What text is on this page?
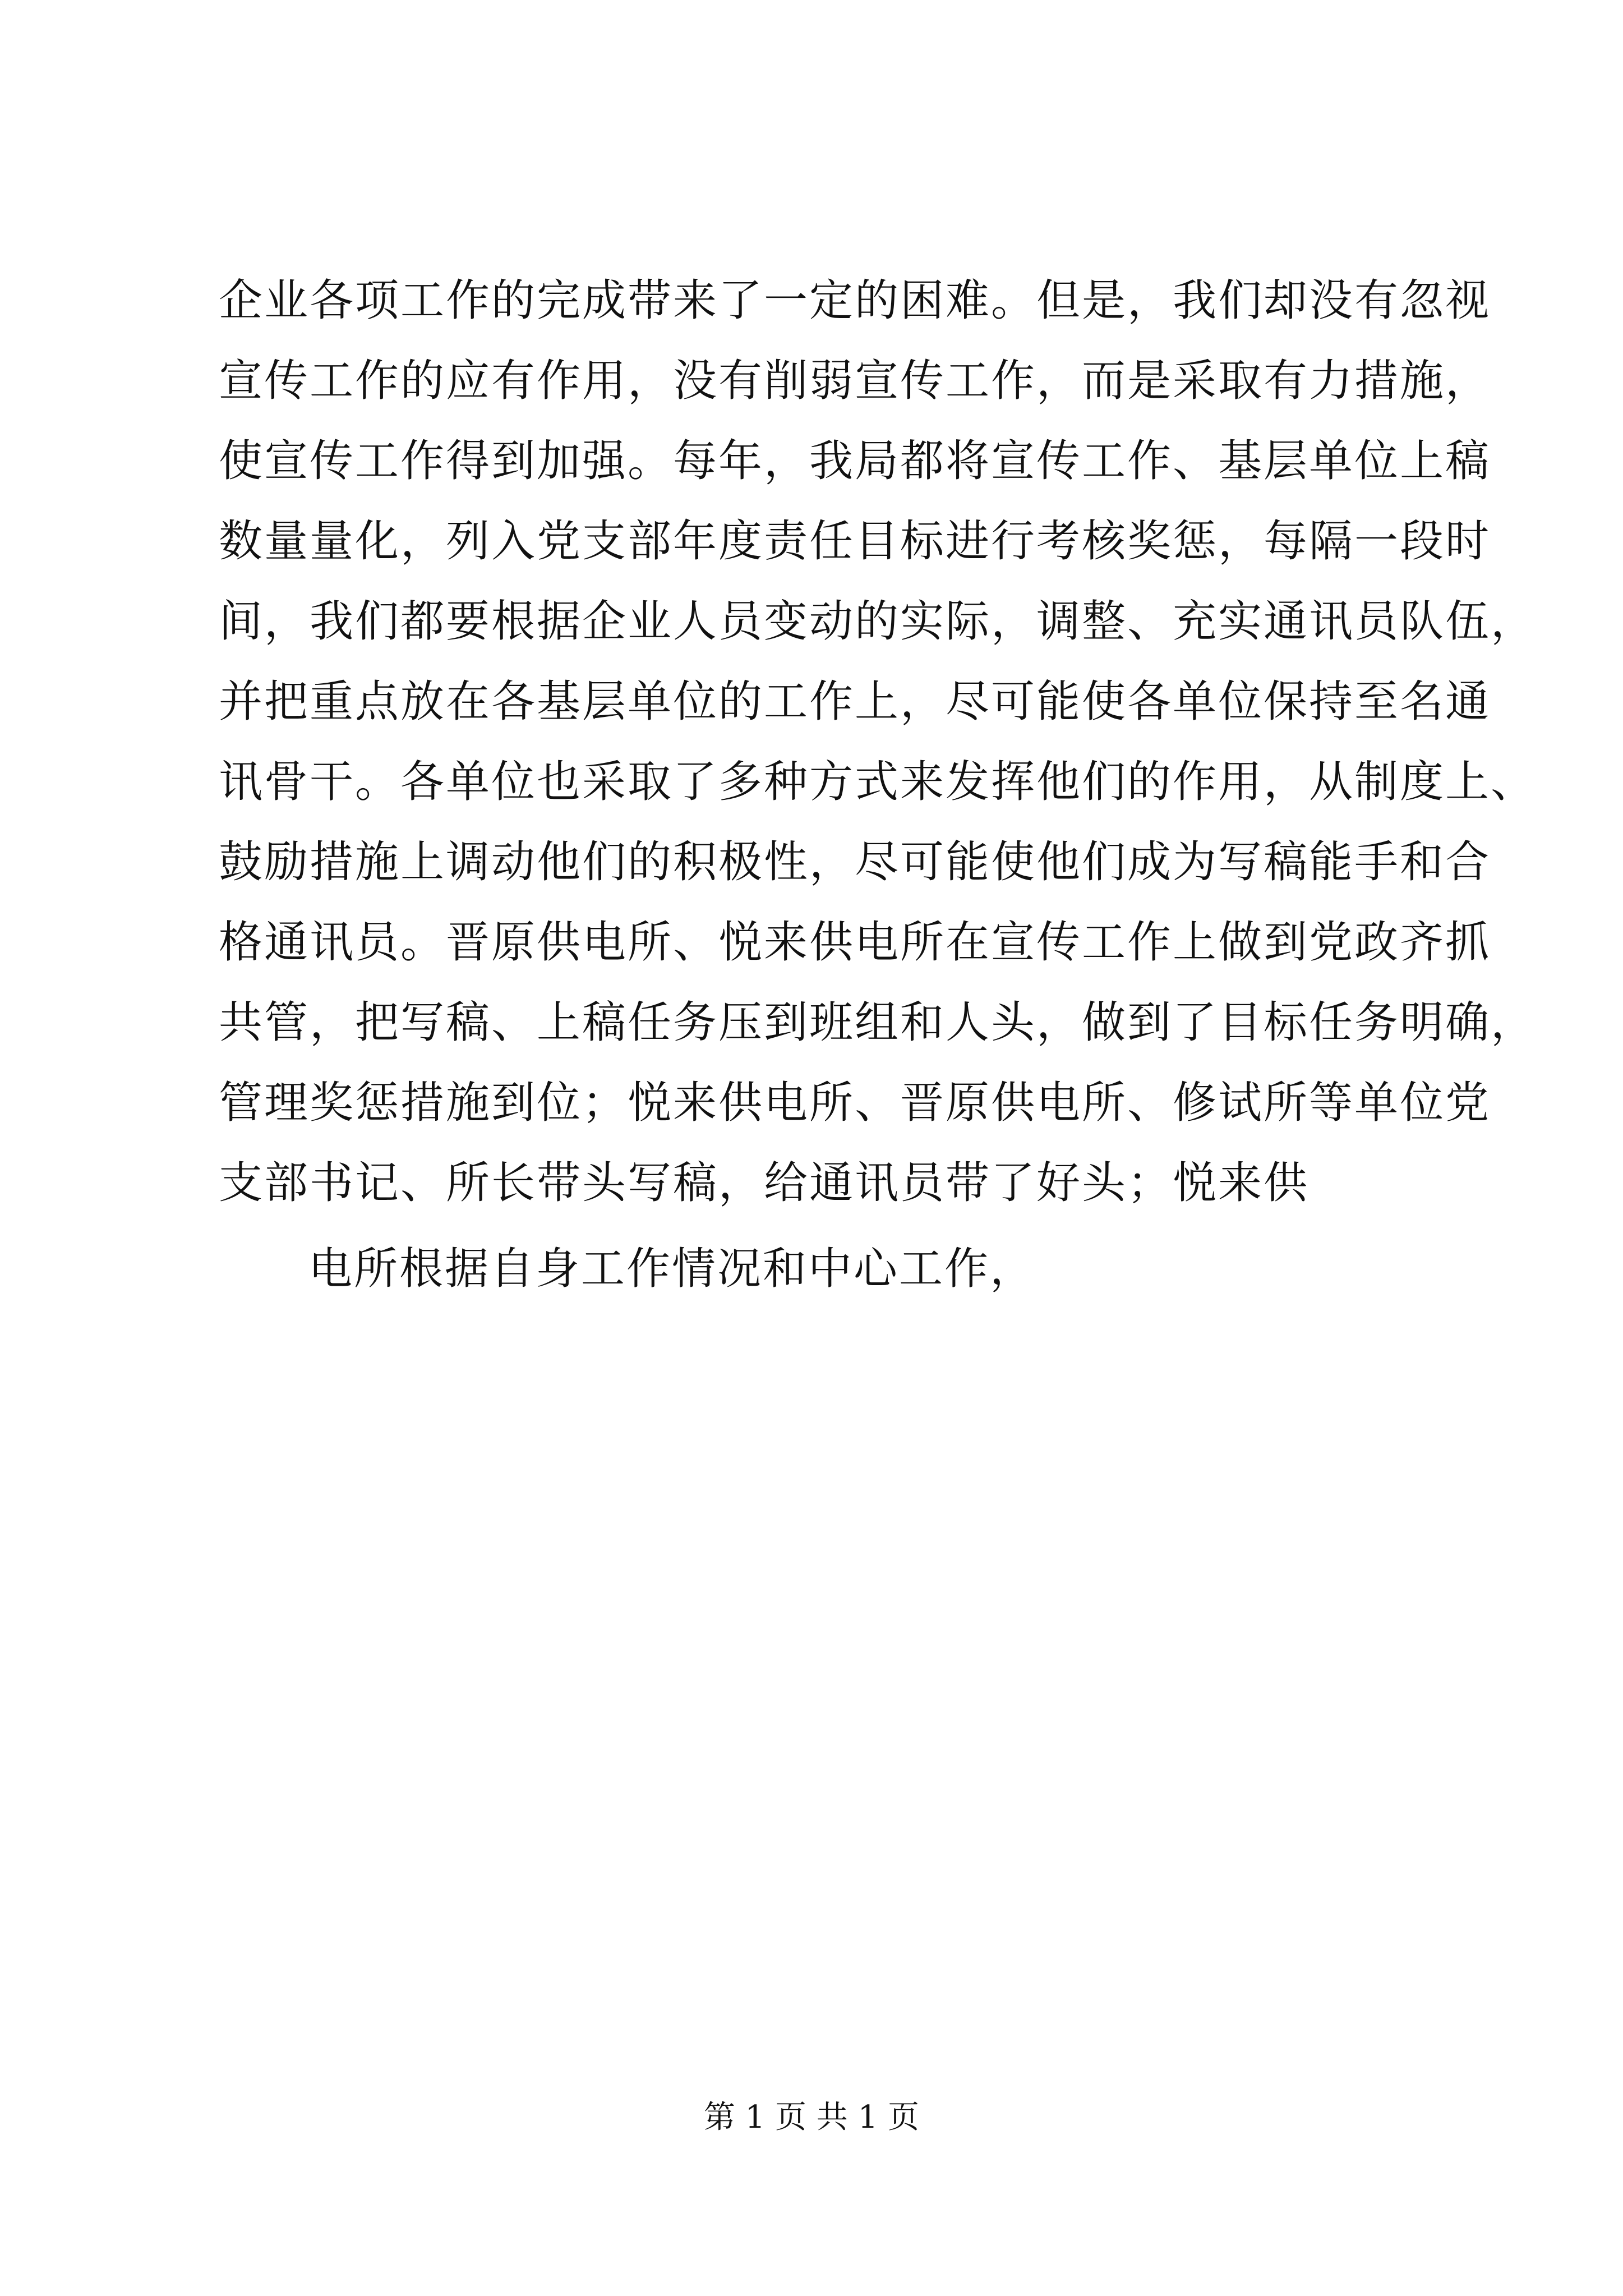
企业各项工作的完成带来了一定的困难。但是，我们却没有忽视
宣传工作的应有作用，没有削弱宣传工作，而是采取有力措施，
使宣传工作得到加强。每年，我局都将宣传工作、基层单位上稿
数量量化，列入党支部年度责任目标进行考核奖惩，每隔一段时
间，我们都要根据企业人员变动的实际，调整、充实通讯员队伍，
并把重点放在各基层单位的工作上，尽可能使各单位保持至名通
讯骨干。各单位也采取了多种方式来发挥他们的作用，从制度上、
鼓励措施上调动他们的积极性，尽可能使他们成为写稿能手和合
格通讯员。晋原供电所、悦来供电所在宣传工作上做到党政齐抓
共管，把写稿、上稿任务压到班组和人头，做到了目标任务明确，
管理奖惩措施到位；悦来供电所、晋原供电所、修试所等单位党
支部书记、所长带头写稿，给通讯员带了好头；悦来供
电所根据自身工作情况和中心工作，
第 1 页 共 1 页
